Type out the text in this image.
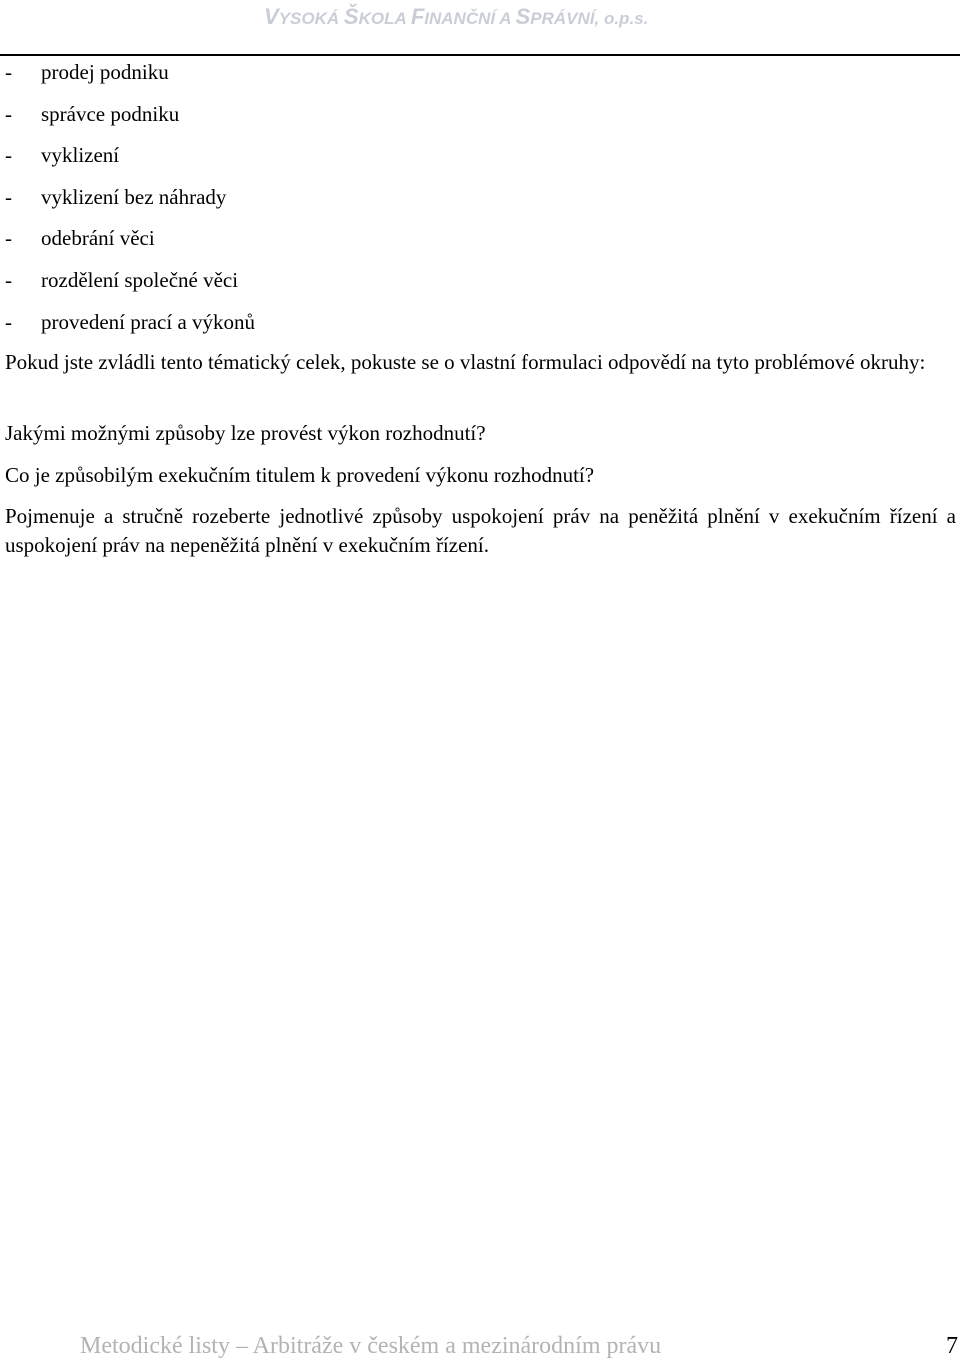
VYSOKÁ ŠKOLA FINANČNÍ A SPRÁVNÍ, o.p.s.
-	prodej podniku
-	správce podniku
-	vyklizení
-	vyklizení bez náhrady
-	odebrání věci
-	rozdělení společné věci
-	provedení prací a výkonů

Pokud jste zvládli tento tématický celek, pokuste se o vlastní formulaci odpovědí na tyto problémové okruhy:

Jakými možnými způsoby lze provést výkon rozhodnutí?

Co je způsobilým exekučním titulem k provedení výkonu rozhodnutí?

Pojmenuje a stručně rozeberte jednotlivé způsoby uspokojení práv na peněžitá plnění v exekučním řízení a uspokojení práv na nepeněžitá plnění v exekučním řízení.

Metodické listy – Arbitráže v českém a mezinárodním právu	7
